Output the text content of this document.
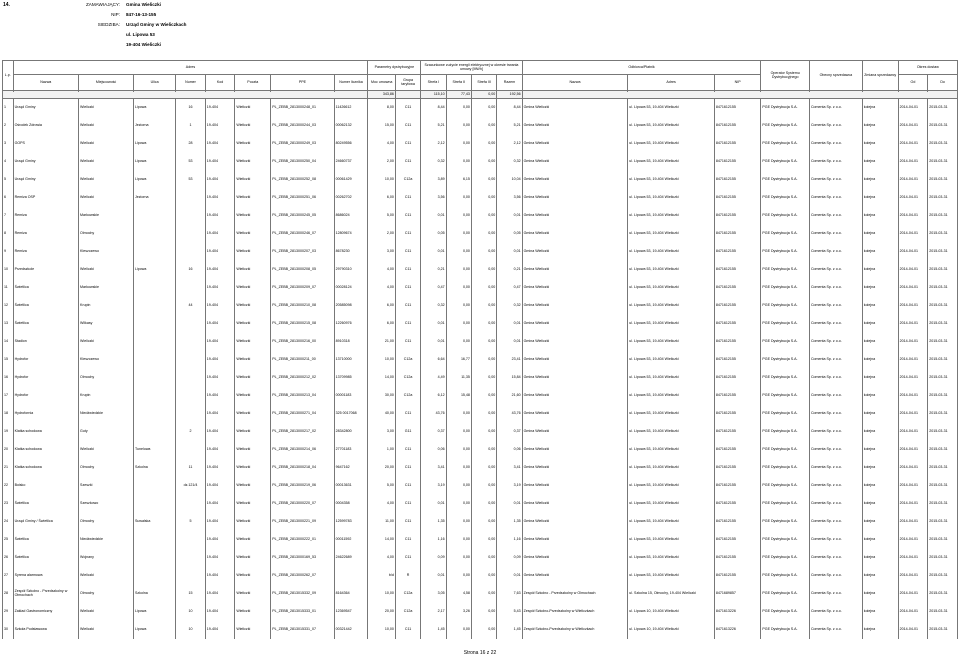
14.	ZAMAWIAJĄCY: Gmina Wieliczki
NIP: 847-16-13-155
SIEDZIBA: Urząd Gminy w Wieliczkach
ul. Lipowa 53
19-404 Wieliczki
L.p.	Adres								Parametry dystrybucyjne		Szacunkowe zużycie energii elektrycznej w okresie trwania umowy [MWh]				Odbiorca/Płatnik			Operator Systemu Dystrybucyjnego	Obecny sprzedawca	Zmiana sprzedawcy	Okres dostaw	
	Nazwa	Miejscowość	Ulica	Numer	Kod	Poczta	PPE	Numer licznika	Moc umowna	Grupa taryfowa	Strefa I	Strefa II	Strefa III	Razem	Nazwa	Adres	NIP				Od	Do

									343,86		115,10	77,43	0,00	192,56								
1	Urząd Gminy	Wieliczki	Lipowa	16	19-404	Wieliczki	PL_ZEBB_2813000248_01	11426612	8,00	C11	8,44	0,00	0,00	8,44	Gmina Wieliczki	ul. Lipowa 53, 19-404 Wieliczki	8471612155	PGE Dystrybucja S.A.	Comenta Sp. z o.o.	kolejna	2014-04-01	2015-03-31
2	Ośrodek Zdrowia	Wieliczki	Jeziorna	1	19-404	Wieliczki	PL_ZEBB_2813000244_03	00062132	15,00	C11	5,21	0,00	0,00	5,21	Gmina Wieliczki	ul. Lipowa 53, 19-404 Wieliczki	8471612155	PGE Dystrybucja S.A.	Comenta Sp. z o.o.	kolejna	2014-04-01	2015-03-31
3	GOPS	Wieliczki	Lipowa	28	19-404	Wieliczki	PL_ZEBB_2813000249_03	80249556	4,00	C11	2,12	0,00	0,00	2,12	Gmina Wieliczki	ul. Lipowa 53, 19-404 Wieliczki	8471612155	PGE Dystrybucja S.A.	Comenta Sp. z o.o.	kolejna	2014-04-01	2015-03-31
4	Urząd Gminy	Wieliczki	Lipowa	53	19-404	Wieliczki	PL_ZEBB_2813000250_04	24660737	2,00	C11	0,32	0,00	0,00	0,32	Gmina Wieliczki	ul. Lipowa 53, 19-404 Wieliczki	8471612155	PGE Dystrybucja S.A.	Comenta Sp. z o.o.	kolejna	2014-04-01	2015-03-31
5	Urząd Gminy	Wieliczki	Lipowa	53	19-404	Wieliczki	PL_ZEBB_2813000252_08	00061429	10,00	C12a	3,89	6,15	0,00	10,04	Gmina Wieliczki	ul. Lipowa 53, 19-404 Wieliczki	8471612155	PGE Dystrybucja S.A.	Comenta Sp. z o.o.	kolejna	2014-04-01	2015-03-31
6	Remiza OSP	Wieliczki	Jeziorna		19-404	Wieliczki	PL_ZEBB_2813000251_06	00262702	6,00	C11	3,56	0,00	0,00	3,56	Gmina Wieliczki	ul. Lipowa 53, 19-404 Wieliczki	8471612155	PGE Dystrybucja S.A.	Comenta Sp. z o.o.	kolejna	2014-04-01	2015-03-31
7	Remiza	Markowskie			19-404	Wieliczki	PL_ZEBB_2813000245_05	8686024	5,00	C11	0,01	0,00	0,00	0,01	Gmina Wieliczki	ul. Lipowa 53, 19-404 Wieliczki	8471612155	PGE Dystrybucja S.A.	Comenta Sp. z o.o.	kolejna	2014-04-01	2015-03-31
8	Remiza	Olmochy			19-404	Wieliczki	PL_ZEBB_2813000246_07	12809674	2,00	C11	0,05	0,00	0,00	0,05	Gmina Wieliczki	ul. Lipowa 53, 19-404 Wieliczki	8471612155	PGE Dystrybucja S.A.	Comenta Sp. z o.o.	kolejna	2014-04-01	2015-03-31
9	Remiza	Kleszczewo			19-404	Wieliczki	PL_ZEBB_2813000207_03	8678230	3,00	C11	0,01	0,00	0,00	0,01	Gmina Wieliczki	ul. Lipowa 53, 19-404 Wieliczki	8471612155	PGE Dystrybucja S.A.	Comenta Sp. z o.o.	kolejna	2014-04-01	2015-03-31
10	Przedszkole	Wieliczki	Lipowa	16	19-404	Wieliczki	PL_ZEBB_2813000208_05	29790310	4,00	C11	0,21	0,00	0,00	0,21	Gmina Wieliczki	ul. Lipowa 53, 19-404 Wieliczki	8471612155	PGE Dystrybucja S.A.	Comenta Sp. z o.o.	kolejna	2014-04-01	2015-03-31
11	Świetlica	Markowskie			19-404	Wieliczki	PL_ZEBB_2813000209_07	00028124	4,00	C11	0,47	0,00	0,00	0,47	Gmina Wieliczki	ul. Lipowa 53, 19-404 Wieliczki	8471612155	PGE Dystrybucja S.A.	Comenta Sp. z o.o.	kolejna	2014-04-01	2015-03-31
12	Świetlica	Krupin		44	19-404	Wieliczki	PL_ZEBB_2813000210_08	20585098	6,00	C11	0,32	0,00	0,00	0,32	Gmina Wieliczki	ul. Lipowa 53, 19-404 Wieliczki	8471612155	PGE Dystrybucja S.A.	Comenta Sp. z o.o.	kolejna	2014-04-01	2015-03-31
13	Świetlica	Wilkasy			19-404	Wieliczki	PL_ZEBB_2813000215_08	12260976	6,00	C11	0,01	0,00	0,00	0,01	Gmina Wieliczki	ul. Lipowa 53, 19-404 Wieliczki	8471612155	PGE Dystrybucja S.A.	Comenta Sp. z o.o.	kolejna	2014-04-01	2015-03-31
14	Stadion	Wieliczki			19-404	Wieliczki	PL_ZEBB_2813000216_00	8910318	21,00	C11	0,01	0,00	0,00	0,01	Gmina Wieliczki	ul. Lipowa 53, 19-404 Wieliczki	8471612155	PGE Dystrybucja S.A.	Comenta Sp. z o.o.	kolejna	2014-04-01	2015-03-31
15	Hydrofor	Kleszczewo			19-404	Wieliczki	PL_ZEBB_2813000211_00	13710000	10,00	C12a	6,64	16,77	0,00	23,41	Gmina Wieliczki	ul. Lipowa 53, 19-404 Wieliczki	8471612155	PGE Dystrybucja S.A.	Comenta Sp. z o.o.	kolejna	2014-04-01	2015-03-31
16	Hydrofor	Olmochy			19-404	Wieliczki	PL_ZEBB_2813000212_02	13709985	14,00	C12a	4,49	11,35	0,00	15,84	Gmina Wieliczki	ul. Lipowa 53, 19-404 Wieliczki	8471612155	PGE Dystrybucja S.A.	Comenta Sp. z o.o.	kolejna	2014-04-01	2015-03-31
17	Hydrofor	Krupin			19-404	Wieliczki	PL_ZEBB_2813000213_04	00001183	30,00	C12a	6,12	15,48	0,00	21,60	Gmina Wieliczki	ul. Lipowa 53, 19-404 Wieliczki	8471612155	PGE Dystrybucja S.A.	Comenta Sp. z o.o.	kolejna	2014-04-01	2015-03-31
18	Hydrofornia	Niedźwiedzkie			19-404	Wieliczki	PL_ZEBB_2813000271_04	325 0017068	40,00	C11	43,76	0,00	0,00	43,76	Gmina Wieliczki	ul. Lipowa 53, 19-404 Wieliczki	8471612155	PGE Dystrybucja S.A.	Comenta Sp. z o.o.	kolejna	2014-04-01	2015-03-31
19	Klatka schodowa	Guty		2	19-404	Wieliczki	PL_ZEBB_2813000217_02	28342800	3,00	G11	0,37	0,00	0,00	0,37	Gmina Wieliczki	ul. Lipowa 53, 19-404 Wieliczki	8471612155	PGE Dystrybucja S.A.	Comenta Sp. z o.o.	kolejna	2014-04-01	2015-03-31
20	Klatka schodowa	Wieliczki	Tunelowa		19-404	Wieliczki	PL_ZEBB_2813000214_06	27701183	1,00	C11	0,06	0,00	0,00	0,06	Gmina Wieliczki	ul. Lipowa 53, 19-404 Wieliczki	8471612155	PGE Dystrybucja S.A.	Comenta Sp. z o.o.	kolejna	2014-04-01	2015-03-31
21	Klatka schodowa	Olmochy	Szkolna	11	19-404	Wieliczki	PL_ZEBB_2813000218_04	9647162	20,00	C11	3,41	0,00	0,00	3,41	Gmina Wieliczki	ul. Lipowa 53, 19-404 Wieliczki	8471612155	PGE Dystrybucja S.A.	Comenta Sp. z o.o.	kolejna	2014-04-01	2015-03-31
22	Boisko	Szeszki		dz.121/4	19-404	Wieliczki	PL_ZEBB_2813000219_06	00013631	5,00	C11	3,19	0,00	0,00	3,19	Gmina Wieliczki	ul. Lipowa 53, 19-404 Wieliczki	8471612155	PGE Dystrybucja S.A.	Comenta Sp. z o.o.	kolejna	2014-04-01	2015-03-31
23	Świetlica	Szeszkowo			19-404	Wieliczki	PL_ZEBB_2813000220_07	0004358	4,00	C11	0,01	0,00	0,00	0,01	Gmina Wieliczki	ul. Lipowa 53, 19-404 Wieliczki	8471612155	PGE Dystrybucja S.A.	Comenta Sp. z o.o.	kolejna	2014-04-01	2015-03-31
24	Urząd Gminy / Świetlica	Olmochy	Suwalska	5	19-404	Wieliczki	PL_ZEBB_2813000221_09	12599783	11,00	C11	1,35	0,00	0,00	1,35	Gmina Wieliczki	ul. Lipowa 53, 19-404 Wieliczki	8471612155	PGE Dystrybucja S.A.	Comenta Sp. z o.o.	kolejna	2014-04-01	2015-03-31
25	Świetlica	Niedźwiedzkie			19-404	Wieliczki	PL_ZEBB_2813000222_01	00011592	14,00	C11	1,16	0,00	0,00	1,16	Gmina Wieliczki	ul. Lipowa 53, 19-404 Wieliczki	8471612155	PGE Dystrybucja S.A.	Comenta Sp. z o.o.	kolejna	2014-04-01	2015-03-31
26	Świetlica	Wojnany			19-404	Wieliczki	PL_ZEBB_2813000169_53	24622689	4,00	C11	0,09	0,00	0,00	0,09	Gmina Wieliczki	ul. Lipowa 53, 19-404 Wieliczki	8471612155	PGE Dystrybucja S.A.	Comenta Sp. z o.o.	kolejna	2014-04-01	2015-03-31
27	Syrena alarmowa	Wieliczki			19-404	Wieliczki	PL_ZEBB_2813000262_07		b/d	R	0,01	0,00	0,00	0,01	Gmina Wieliczki	ul. Lipowa 53, 19-404 Wieliczki	8471612155	PGE Dystrybucja S.A.	Comenta Sp. z o.o.	kolejna	2014-04-01	2015-03-31
28	Zespół Szkolno - Przedszkolny w Olmochach	Olmochy	Szkolna	15	19-404	Wieliczki	PL_ZEBB_2813015332_09	8164364	10,00	C12a	3,05	4,58	0,00	7,63	Zespół Szkolno - Przedszkolny w Olmochach	ul. Szkolna 15, Olmochy, 19-404 Wieliczki	8471689857	PGE Dystrybucja S.A.	Comenta Sp. z o.o.	kolejna	2014-04-01	2015-03-31
29	Zaklad Gastronomiczny	Wieliczki	Lipowa	10	19-404	Wieliczki	PL_ZEBB_2813015333_01	12369547	20,00	C12a	2,17	3,26	0,00	5,43	Zespół Szkolno-Przedszkolny w Wieliczkach	ul. Lipowa 10, 19-404 Wieliczki	8471613226	PGE Dystrybucja S.A.	Comenta Sp. z o.o.	kolejna	2014-04-01	2015-03-31
30	Szkoła Podstawowa	Wieliczki	Lipowa	10	19-404	Wieliczki	PL_ZEBB_2813015331_07	00321442	10,00	C11	1,45	0,00	0,00	1,45	Zespół Szkolno-Przedszkolny w Wieliczkach	ul. Lipowa 10, 19-404 Wieliczki	8471613226	PGE Dystrybucja S.A.	Comenta Sp. z o.o.	kolejna	2014-04-01	2015-03-31
Strona 16 z 22
